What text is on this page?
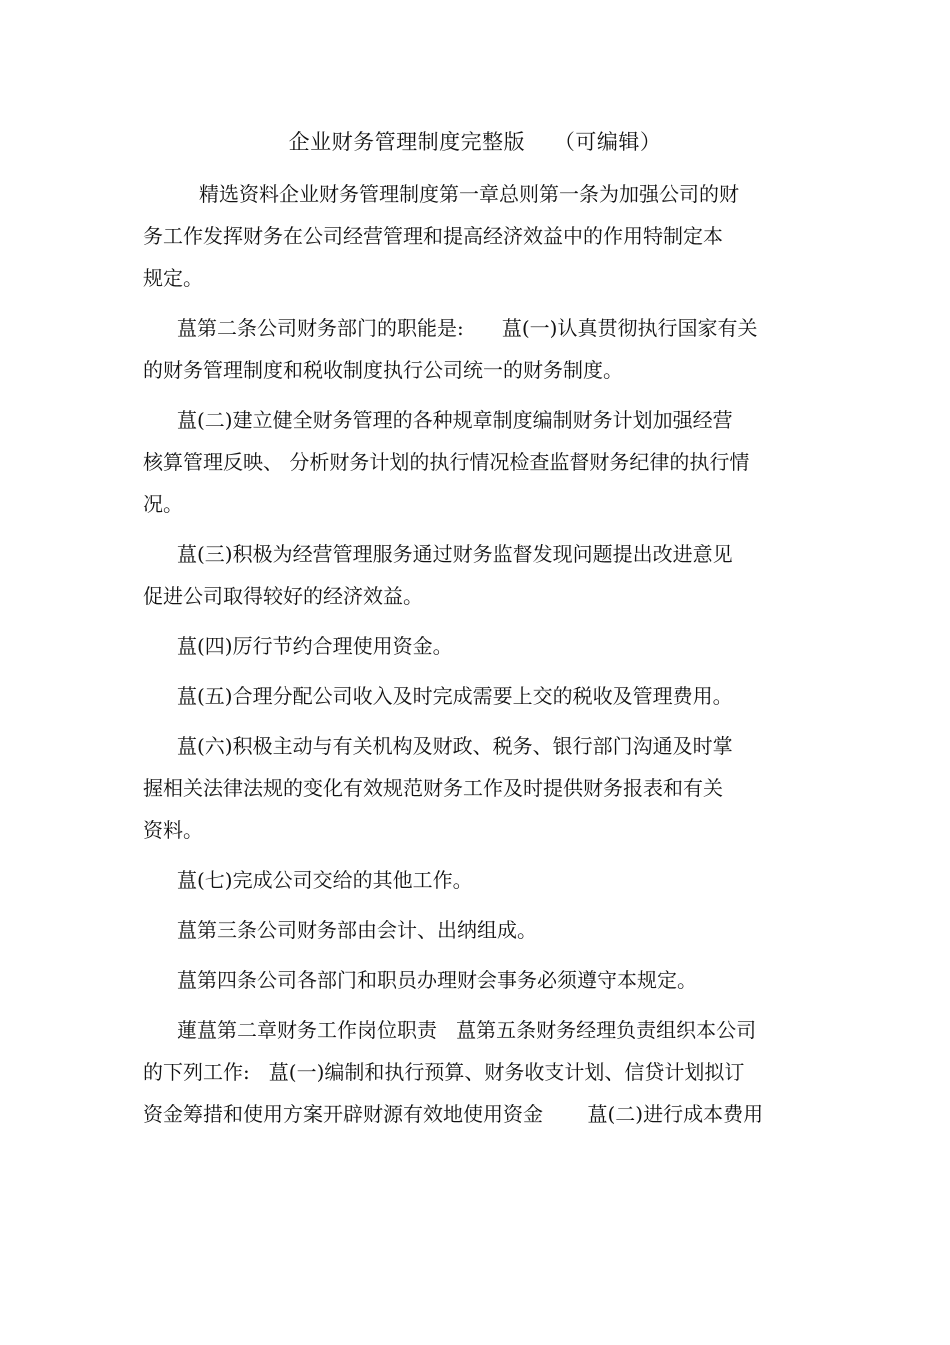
企业财务管理制度完整版    （可编辑）

精选资料企业财务管理制度第一章总则第一条为加强公司的财
务工作发挥财务在公司经营管理和提高经济效益中的作用特制定本
规定。

蒀第二条公司财务部门的职能是:      蒀(一)认真贯彻执行国家有关
的财务管理制度和税收制度执行公司统一的财务制度。

蒀(二)建立健全财务管理的各种规章制度编制财务计划加强经营
核算管理反映、 分析财务计划的执行情况检查监督财务纪律的执行情
况。

蒀(三)积极为经营管理服务通过财务监督发现问题提出改进意见
促进公司取得较好的经济效益。

蒀(四)厉行节约合理使用资金。

蒀(五)合理分配公司收入及时完成需要上交的税收及管理费用。

蒀(六)积极主动与有关机构及财政、税务、银行部门沟通及时掌
握相关法律法规的变化有效规范财务工作及时提供财务报表和有关
资料。

蒀(七)完成公司交给的其他工作。

蒀第三条公司财务部由会计、出纳组成。

蒀第四条公司各部门和职员办理财会事务必须遵守本规定。

蓮蒀第二章财务工作岗位职责   蒀第五条财务经理负责组织本公司
的下列工作:   蒀(一)编制和执行预算、财务收支计划、信贷计划拟订
资金筹措和使用方案开辟财源有效地使用资金       蒀(二)进行成本费用
